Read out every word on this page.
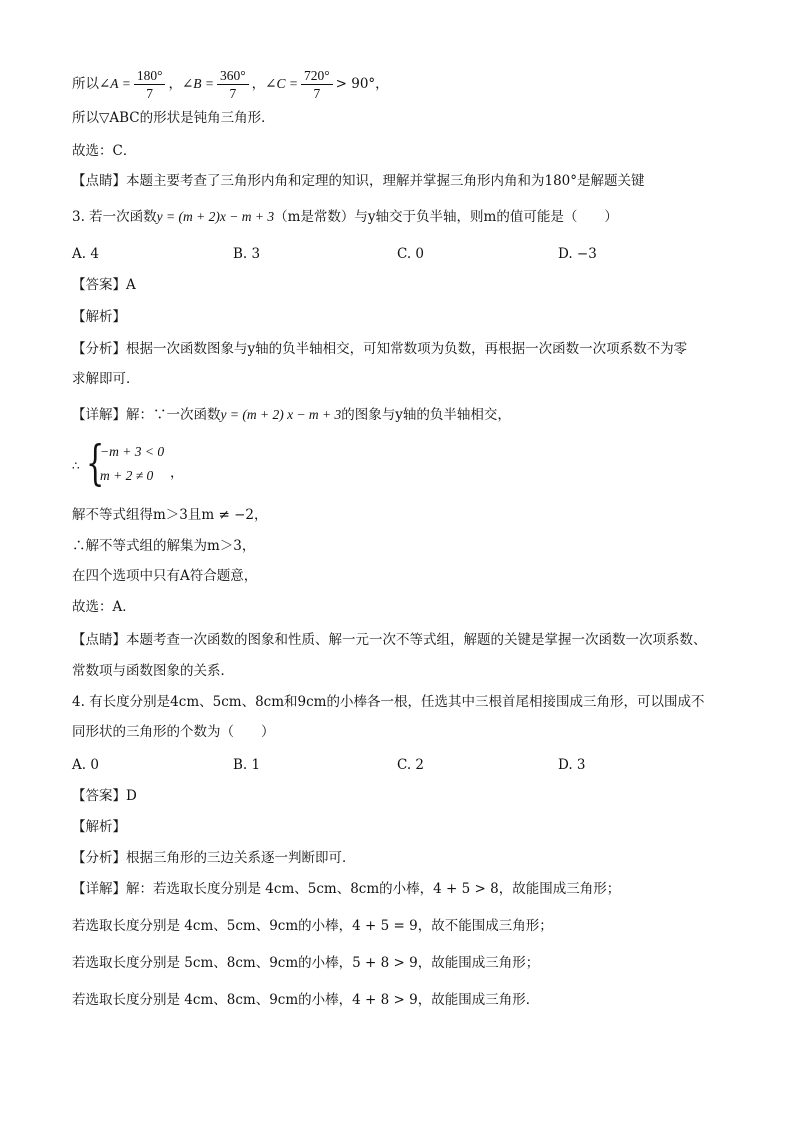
所以∠A = $\frac{180^\circ}{7}$ ，∠B = $\frac{360^\circ}{7}$ ，∠C = $\frac{720^\circ}{7} > 90^\circ$，
所以▽ABC的形状是钝角三角形．
故选：C．
【点睛】本题主要考查了三角形内角和定理的知识，理解并掌握三角形内角和为180°是解题关键
3. 若一次函数y = (m + 2)x − m + 3（m是常数）与y轴交于负半轴，则m的值可能是（　　）
A. 4	B. 3	C. 0	D. −3
【答案】A
【解析】
【分析】根据一次函数图象与y轴的负半轴相交，可知常数项为负数，再根据一次函数一次项系数不为零
求解即可．
【详解】解：∵一次函数y = (m + 2) x − m + 3的图象与y轴的负半轴相交，
∴ {
−m + 3 < 0
m + 2 ≠ 0 ，
解不等式组得m＞3且m ≠ −2，
∴解不等式组的解集为m＞3，
在四个选项中只有A符合题意，
故选：A．
【点睛】本题考查一次函数的图象和性质、解一元一次不等式组，解题的关键是掌握一次函数一次项系数、
常数项与函数图象的关系．
4. 有长度分别是4cm、5cm、8cm和9cm的小棒各一根，任选其中三根首尾相接围成三角形，可以围成不
同形状的三角形的个数为（　　）
A. 0	B. 1	C. 2	D. 3
【答案】D
【解析】
【分析】根据三角形的三边关系逐一判断即可．
【详解】解：若选取长度分别是 4cm、5cm、8cm的小棒，4 + 5 > 8，故能围成三角形；
若选取长度分别是 4cm、5cm、9cm的小棒，4 + 5 = 9，故不能围成三角形；
若选取长度分别是 5cm、8cm、9cm的小棒，5 + 8 > 9，故能围成三角形；
若选取长度分别是 4cm、8cm、9cm的小棒，4 + 8 > 9，故能围成三角形．
